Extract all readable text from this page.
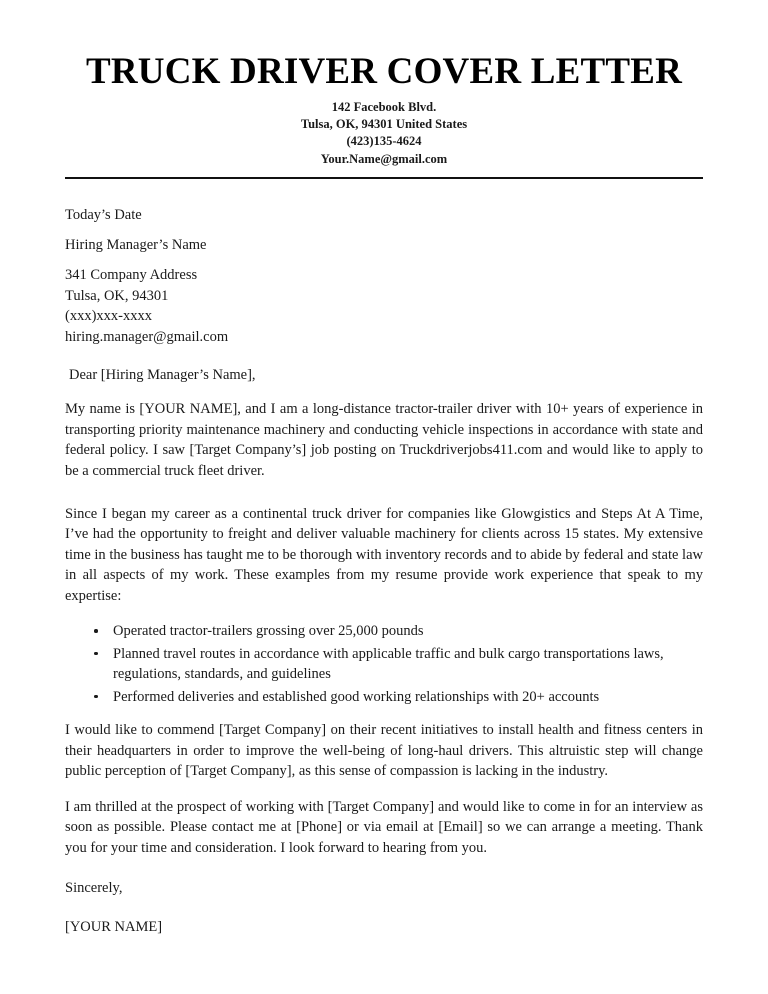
TRUCK DRIVER COVER LETTER
142 Facebook Blvd.
Tulsa, OK, 94301 United States
(423)135-4624
Your.Name@gmail.com
Today’s Date
Hiring Manager’s Name
341 Company Address
Tulsa, OK, 94301
(xxx)xxx-xxxx
hiring.manager@gmail.com
Dear [Hiring Manager’s Name],

My name is [YOUR NAME], and I am a long-distance tractor-trailer driver with 10+ years of experience in transporting priority maintenance machinery and conducting vehicle inspections in accordance with state and federal policy. I saw [Target Company’s] job posting on Truckdriverjobs411.com and would like to apply to be a commercial truck fleet driver.

Since I began my career as a continental truck driver for companies like Glowgistics and Steps At A Time, I’ve had the opportunity to freight and deliver valuable machinery for clients across 15 states. My extensive time in the business has taught me to be thorough with inventory records and to abide by federal and state law in all aspects of my work. These examples from my resume provide work experience that speak to my expertise:

Operated tractor-trailers grossing over 25,000 pounds
Planned travel routes in accordance with applicable traffic and bulk cargo transportations laws, regulations, standards, and guidelines
Performed deliveries and established good working relationships with 20+ accounts

I would like to commend [Target Company] on their recent initiatives to install health and fitness centers in their headquarters in order to improve the well-being of long-haul drivers. This altruistic step will change public perception of [Target Company], as this sense of compassion is lacking in the industry.

I am thrilled at the prospect of working with [Target Company] and would like to come in for an interview as soon as possible. Please contact me at [Phone] or via email at [Email] so we can arrange a meeting. Thank you for your time and consideration. I look forward to hearing from you.

Sincerely,
[YOUR NAME]
